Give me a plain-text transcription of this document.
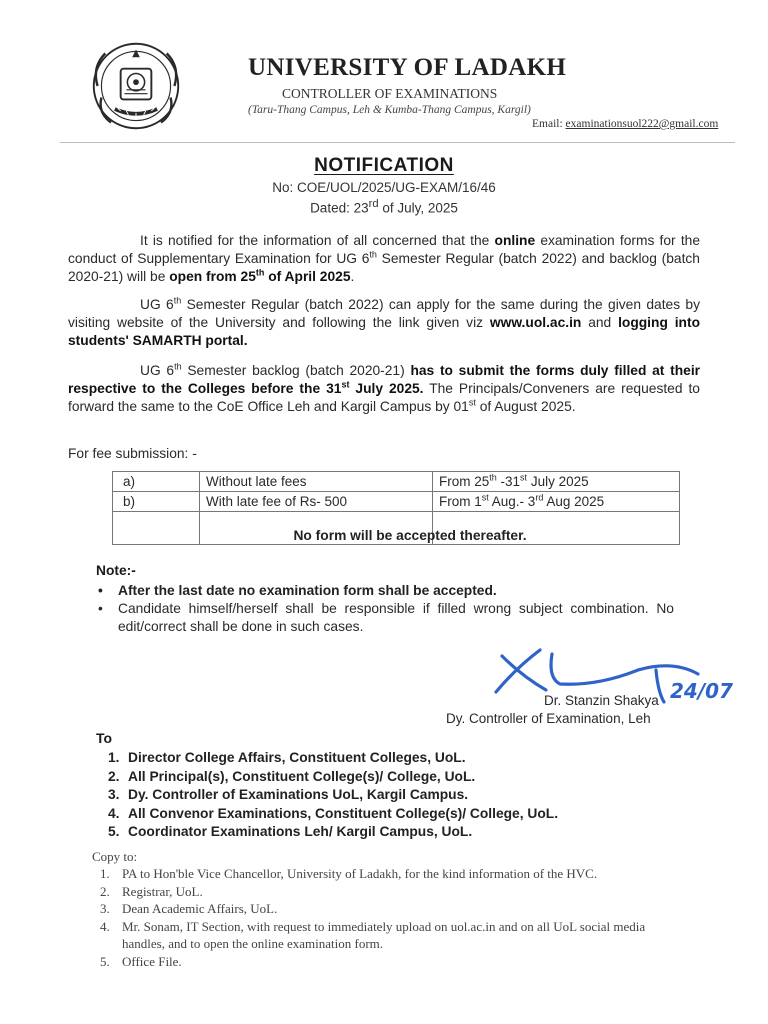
UNIVERSITY OF LADAKH
CONTROLLER OF EXAMINATIONS
(Taru-Thang Campus, Leh & Kumba-Thang Campus, Kargil)
Email: examinationsuol222@gmail.com
NOTIFICATION
No: COE/UOL/2025/UG-EXAM/16/46
Dated: 23rd of July, 2025
It is notified for the information of all concerned that the online examination forms for the conduct of Supplementary Examination for UG 6th Semester Regular (batch 2022) and backlog (batch 2020-21) will be open from 25th of April 2025.
UG 6th Semester Regular (batch 2022) can apply for the same during the given dates by visiting website of the University and following the link given viz www.uol.ac.in and logging into students' SAMARTH portal.
UG 6th Semester backlog (batch 2020-21) has to submit the forms duly filled at their respective to the Colleges before the 31st July 2025. The Principals/Conveners are requested to forward the same to the CoE Office Leh and Kargil Campus by 01st of August 2025.
For fee submission: -
a)	Without late fees	From 25th -31st July 2025
b)	With late fee of Rs- 500	From 1st Aug.- 3rd Aug 2025

No form will be accepted thereafter.
Note:-
• After the last date no examination form shall be accepted.
• Candidate himself/herself shall be responsible if filled wrong subject combination. No edit/correct shall be done in such cases.
24/07
Dr. Stanzin Shakya
Dy. Controller of Examination, Leh
To
1. Director College Affairs, Constituent Colleges, UoL.
2. All Principal(s), Constituent College(s)/ College, UoL.
3. Dy. Controller of Examinations UoL, Kargil Campus.
4. All Convenor Examinations, Constituent College(s)/ College, UoL.
5. Coordinator Examinations Leh/ Kargil Campus, UoL.
Copy to:
1. PA to Hon'ble Vice Chancellor, University of Ladakh, for the kind information of the HVC.
2. Registrar, UoL.
3. Dean Academic Affairs, UoL.
4. Mr. Sonam, IT Section, with request to immediately upload on uol.ac.in and on all UoL social media handles, and to open the online examination form.
5. Office File.
